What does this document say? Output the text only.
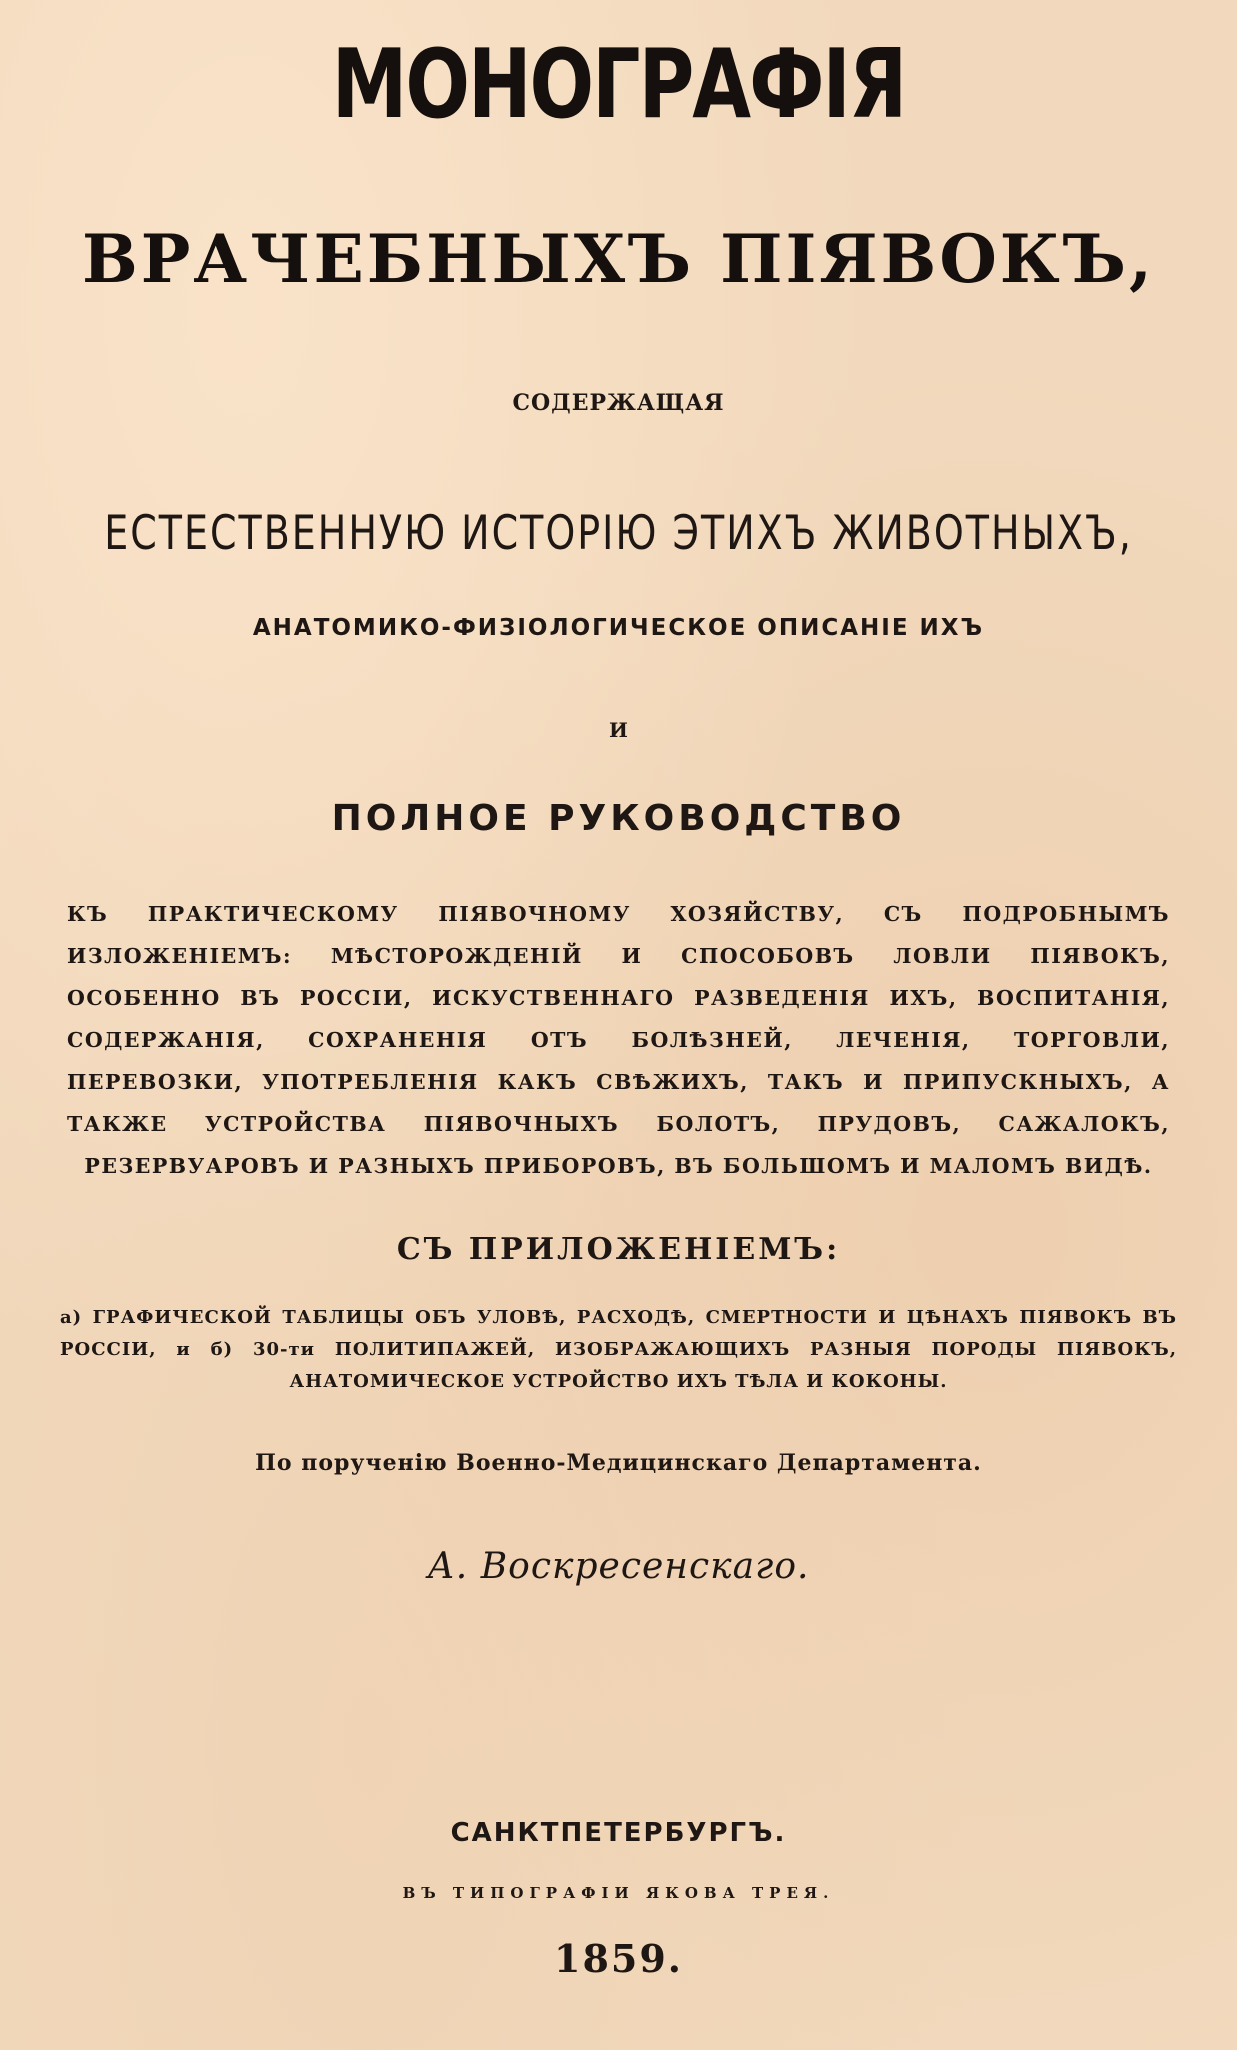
МОНОГРАФІЯ
ВРАЧЕБНЫХЪ ПІЯВОКЪ,
СОДЕРЖАЩАЯ
ЕСТЕСТВЕННУЮ ИСТОРІЮ ЭТИХЪ ЖИВОТНЫХЪ,
АНАТОМИКО-ФИЗІОЛОГИЧЕСКОЕ ОПИСАНІЕ ИХЪ
И
ПОЛНОЕ РУКОВОДСТВО

КЪ ПРАКТИЧЕСКОМУ ПІЯВОЧНОМУ ХОЗЯЙСТВУ, СЪ ПОДРОБНЫМЪ ИЗЛОЖЕНІЕМЪ: МѢСТОРОЖДЕНІЙ И СПОСОБОВЪ ЛОВЛИ ПІЯВОКЪ, ОСОБЕННО ВЪ РОССІИ, ИСКУСТВЕННАГО РАЗВЕДЕНІЯ ИХЪ, ВОСПИТАНІЯ, СОДЕРЖАНІЯ, СОХРАНЕНІЯ ОТЪ БОЛѢЗНЕЙ, ЛЕЧЕНІЯ, ТОРГОВЛИ, ПЕРЕВОЗКИ, УПОТРЕБЛЕНІЯ КАКЪ СВѢЖИХЪ, ТАКЪ И ПРИПУСКНЫХЪ, А ТАКЖЕ УСТРОЙСТВА ПІЯВОЧНЫХЪ БОЛОТЪ, ПРУДОВЪ, САЖАЛОКЪ, РЕЗЕРВУАРОВЪ И РАЗНЫХЪ ПРИБОРОВЪ, ВЪ БОЛЬШОМЪ И МАЛОМЪ ВИДѢ.

СЪ ПРИЛОЖЕНІЕМЪ:

а) ГРАФИЧЕСКОЙ ТАБЛИЦЫ ОБЪ УЛОВѢ, РАСХОДѢ, СМЕРТНОСТИ И ЦѢНАХЪ ПІЯВОКЪ ВЪ РОССІИ, и б) 30-ти ПОЛИТИПАЖЕЙ, ИЗОБРАЖАЮЩИХЪ РАЗНЫЯ ПОРОДЫ ПІЯВОКЪ, АНАТОМИЧЕСКОЕ УСТРОЙСТВО ИХЪ ТѢЛА И КОКОНЫ.

По порученію Военно-Медицинскаго Департамента.
А. Воскресенскаго.
САНКТПЕТЕРБУРГЪ.
ВЪ ТИПОГРАФІИ ЯКОВА ТРЕЯ.
1859.
